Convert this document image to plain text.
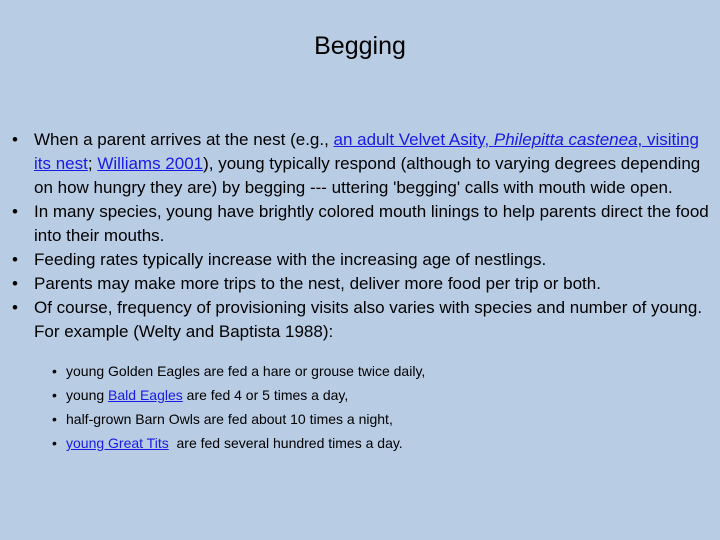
Begging
• When a parent arrives at the nest (e.g., an adult Velvet Asity, Philepitta castenea, visiting its nest; Williams 2001), young typically respond (although to varying degrees depending on how hungry they are) by begging --- uttering 'begging' calls with mouth wide open.
• In many species, young have brightly colored mouth linings to help parents direct the food into their mouths.
• Feeding rates typically increase with the increasing age of nestlings.
• Parents may make more trips to the nest, deliver more food per trip or both.
• Of course, frequency of provisioning visits also varies with species and number of young. For example (Welty and Baptista 1988):
• young Golden Eagles are fed a hare or grouse twice daily,
• young Bald Eagles are fed 4 or 5 times a day,
• half-grown Barn Owls are fed about 10 times a night,
• young Great Tits  are fed several hundred times a day.
